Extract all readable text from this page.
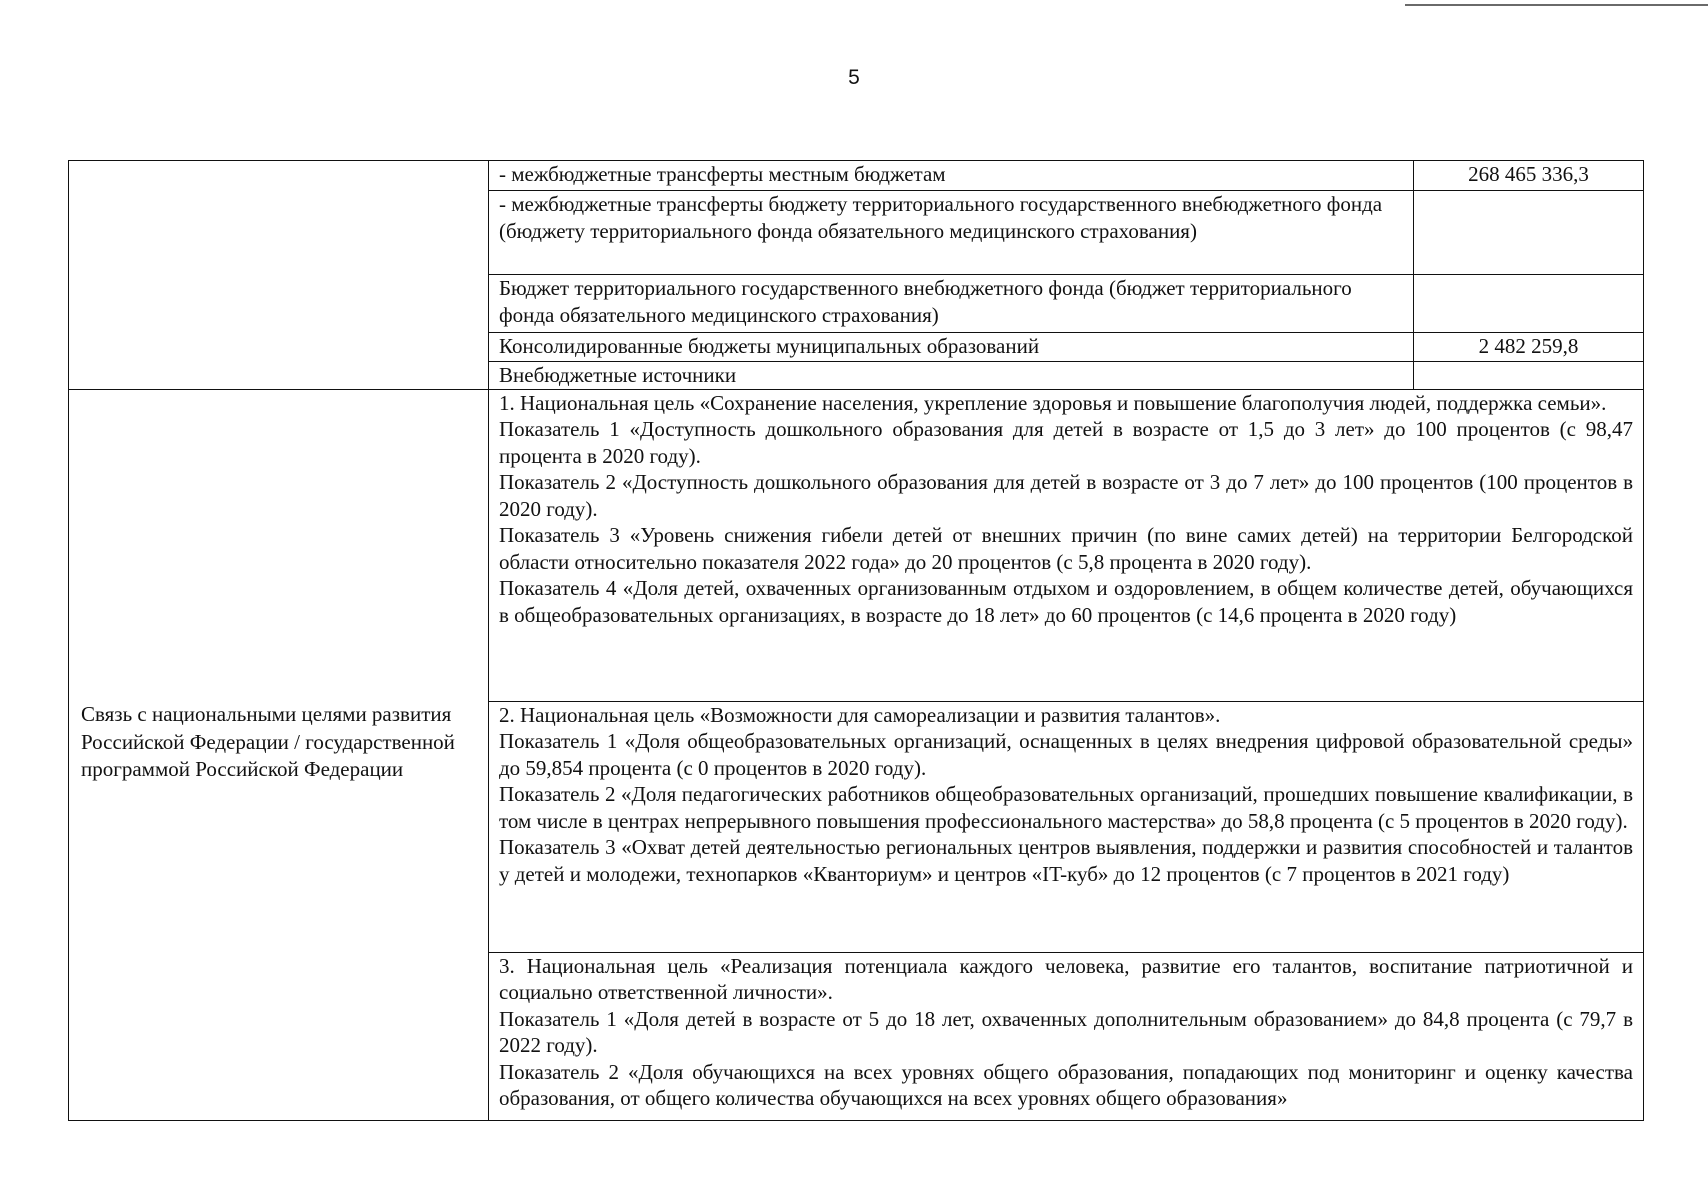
5
	- межбюджетные трансферты местным бюджетам	268 465 336,3
	- межбюджетные трансферты бюджету территориального государственного внебюджетного фонда (бюджету территориального фонда обязательного медицинского страхования)	
	Бюджет территориального государственного внебюджетного фонда (бюджет территориального фонда обязательного медицинского страхования)	
	Консолидированные бюджеты муниципальных образований	2 482 259,8
	Внебюджетные источники	

	1. Национальная цель «Сохранение населения, укрепление здоровья и повышение благополучия людей, поддержка семьи».
Показатель 1 «Доступность дошкольного образования для детей в возрасте от 1,5 до 3 лет» до 100 процентов (с 98,47 процента в 2020 году).
Показатель 2 «Доступность дошкольного образования для детей в возрасте от 3 до 7 лет» до 100 процентов (100 процентов в 2020 году).
Показатель 3 «Уровень снижения гибели детей от внешних причин (по вине самих детей) на территории Белгородской области относительно показателя 2022 года» до 20 процентов (с 5,8 процента в 2020 году).
Показатель 4 «Доля детей, охваченных организованным отдыхом и оздоровлением, в общем количестве детей, обучающихся в общеобразовательных организациях, в возрасте до 18 лет» до 60 процентов (с 14,6 процента в 2020 году)	

	2. Национальная цель «Возможности для самореализации и развития талантов».
Показатель 1 «Доля общеобразовательных организаций, оснащенных в целях внедрения цифровой образовательной среды» до 59,854 процента (с 0 процентов в 2020 году).
Показатель 2 «Доля педагогических работников общеобразовательных организаций, прошедших повышение квалификации, в том числе в центрах непрерывного повышения профессионального мастерства» до 58,8 процента (с 5 процентов в 2020 году).
Показатель 3 «Охват детей деятельностью региональных центров выявления, поддержки и развития способностей и талантов у детей и молодежи, технопарков «Кванториум» и центров «IT-куб» до 12 процентов (с 7 процентов в 2021 году)	

	3. Национальная цель «Реализация потенциала каждого человека, развитие его талантов, воспитание патриотичной и социально ответственной личности».
Показатель 1 «Доля детей в возрасте от 5 до 18 лет, охваченных дополнительным образованием» до 84,8 процента (с 79,7 в 2022 году).
Показатель 2 «Доля обучающихся на всех уровнях общего образования, попадающих под мониторинг и оценку качества образования, от общего количества обучающихся на всех уровнях общего образования»	
Связь с национальными целями развития Российской Федерации / государственной программой Российской Федерации
